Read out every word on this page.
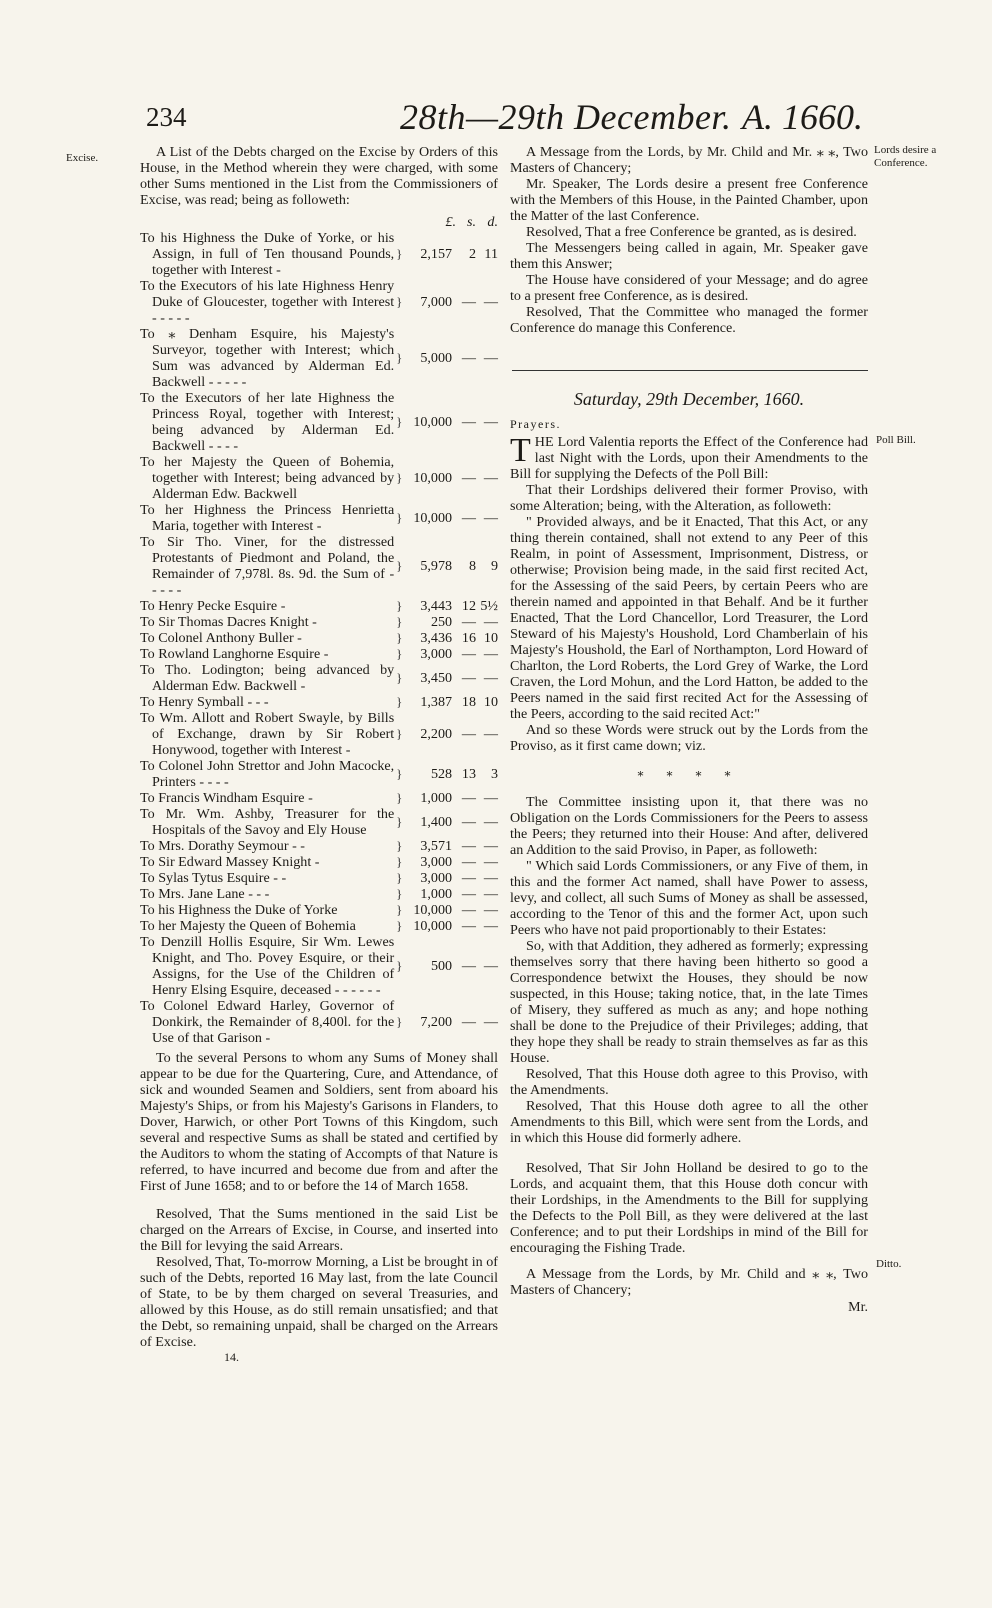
234	28th—29th December. A. 1660.
Excise.
Lords desire a Conference.
Poll Bill.
Ditto.

A List of the Debts charged on the Excise by Orders of this House, in the Method wherein they were charged, with some other Sums mentioned in the List from the Commissioners of Excise, was read; being as followeth:

		£.	s.	d.
To his Highness the Duke of Yorke, or his Assign, in full of Ten thousand Pounds, together with Interest -	}	2,157	2	11
To the Executors of his late Highness Henry Duke of Gloucester, together with Interest - - - - -	}	7,000	—	—
To ⁎ Denham Esquire, his Majesty's Surveyor, together with Interest; which Sum was advanced by Alderman Ed. Backwell - - - - -	}	5,000	—	—
To the Executors of her late Highness the Princess Royal, together with Interest; being advanced by Alderman Ed. Backwell - - - -	}	10,000	—	—
To her Majesty the Queen of Bohemia, together with Interest; being advanced by Alderman Edw. Backwell	}	10,000	—	—
To her Highness the Princess Henrietta Maria, together with Interest -	}	10,000	—	—
To Sir Tho. Viner, for the distressed Protestants of Piedmont and Poland, the Remainder of 7,978l. 8s. 9d. the Sum of - - - - -	}	5,978	8	9
To Henry Pecke Esquire -	}	3,443	12	5½
To Sir Thomas Dacres Knight -	}	250	—	—
To Colonel Anthony Buller -	}	3,436	16	10
To Rowland Langhorne Esquire -	}	3,000	—	—
To Tho. Lodington; being advanced by Alderman Edw. Backwell -	}	3,450	—	—
To Henry Symball - - -	}	1,387	18	10
To Wm. Allott and Robert Swayle, by Bills of Exchange, drawn by Sir Robert Honywood, together with Interest -	}	2,200	—	—
To Colonel John Strettor and John Macocke, Printers - - - -	}	528	13	3
To Francis Windham Esquire -	}	1,000	—	—
To Mr. Wm. Ashby, Treasurer for the Hospitals of the Savoy and Ely House	}	1,400	—	—
To Mrs. Dorathy Seymour - -	}	3,571	—	—
To Sir Edward Massey Knight -	}	3,000	—	—
To Sylas Tytus Esquire - -	}	3,000	—	—
To Mrs. Jane Lane - - -	}	1,000	—	—
To his Highness the Duke of Yorke	}	10,000	—	—
To her Majesty the Queen of Bohemia	}	10,000	—	—
To Denzill Hollis Esquire, Sir Wm. Lewes Knight, and Tho. Povey Esquire, or their Assigns, for the Use of the Children of Henry Elsing Esquire, deceased - - - - - -	}	500	—	—
To Colonel Edward Harley, Governor of Donkirk, the Remainder of 8,400l. for the Use of that Garison -	}	7,200	—	—

To the several Persons to whom any Sums of Money shall appear to be due for the Quartering, Cure, and Attendance, of sick and wounded Seamen and Soldiers, sent from aboard his Majesty's Ships, or from his Majesty's Garisons in Flanders, to Dover, Harwich, or other Port Towns of this Kingdom, such several and respective Sums as shall be stated and certified by the Auditors to whom the stating of Accompts of that Nature is referred, to have incurred and become due from and after the First of June 1658; and to or before the 14 of March 1658.

Resolved, That the Sums mentioned in the said List be charged on the Arrears of Excise, in Course, and inserted into the Bill for levying the said Arrears.

Resolved, That, To-morrow Morning, a List be brought in of such of the Debts, reported 16 May last, from the late Council of State, to be by them charged on several Treasuries, and allowed by this House, as do still remain unsatisfied; and that the Debt, so remaining unpaid, shall be charged on the Arrears of Excise.

14.

A Message from the Lords, by Mr. Child and Mr. ⁎ ⁎, Two Masters of Chancery;

Mr. Speaker, The Lords desire a present free Conference with the Members of this House, in the Painted Chamber, upon the Matter of the last Conference.

Resolved, That a free Conference be granted, as is desired.

The Messengers being called in again, Mr. Speaker gave them this Answer;

The House have considered of your Message; and do agree to a present free Conference, as is desired.

Resolved, That the Committee who managed the former Conference do manage this Conference.

Saturday, 29th December, 1660.

Prayers.

THE Lord Valentia reports the Effect of the Conference had last Night with the Lords, upon their Amendments to the Bill for supplying the Defects of the Poll Bill:

That their Lordships delivered their former Proviso, with some Alteration; being, with the Alteration, as followeth:

" Provided always, and be it Enacted, That this Act, or any thing therein contained, shall not extend to any Peer of this Realm, in point of Assessment, Imprisonment, Distress, or otherwise; Provision being made, in the said first recited Act, for the Assessing of the said Peers, by certain Peers who are therein named and appointed in that Behalf. And be it further Enacted, That the Lord Chancellor, Lord Treasurer, the Lord Steward of his Majesty's Houshold, Lord Chamberlain of his Majesty's Houshold, the Earl of Northampton, Lord Howard of Charlton, the Lord Roberts, the Lord Grey of Warke, the Lord Craven, the Lord Mohun, and the Lord Hatton, be added to the Peers named in the said first recited Act for the Assessing of the Peers, according to the said recited Act:"

And so these Words were struck out by the Lords from the Proviso, as it first came down; viz.

⁎ ⁎ ⁎ ⁎

The Committee insisting upon it, that there was no Obligation on the Lords Commissioners for the Peers to assess the Peers; they returned into their House: And after, delivered an Addition to the said Proviso, in Paper, as followeth:

" Which said Lords Commissioners, or any Five of them, in this and the former Act named, shall have Power to assess, levy, and collect, all such Sums of Money as shall be assessed, according to the Tenor of this and the former Act, upon such Peers who have not paid proportionably to their Estates:

So, with that Addition, they adhered as formerly; expressing themselves sorry that there having been hitherto so good a Correspondence betwixt the Houses, they should be now suspected, in this House; taking notice, that, in the late Times of Misery, they suffered as much as any; and hope nothing shall be done to the Prejudice of their Privileges; adding, that they hope they shall be ready to strain themselves as far as this House.

Resolved, That this House doth agree to this Proviso, with the Amendments.

Resolved, That this House doth agree to all the other Amendments to this Bill, which were sent from the Lords, and in which this House did formerly adhere.

Resolved, That Sir John Holland be desired to go to the Lords, and acquaint them, that this House doth concur with their Lordships, in the Amendments to the Bill for supplying the Defects to the Poll Bill, as they were delivered at the last Conference; and to put their Lordships in mind of the Bill for encouraging the Fishing Trade.

A Message from the Lords, by Mr. Child and ⁎ ⁎, Two Masters of Chancery;

Mr.
